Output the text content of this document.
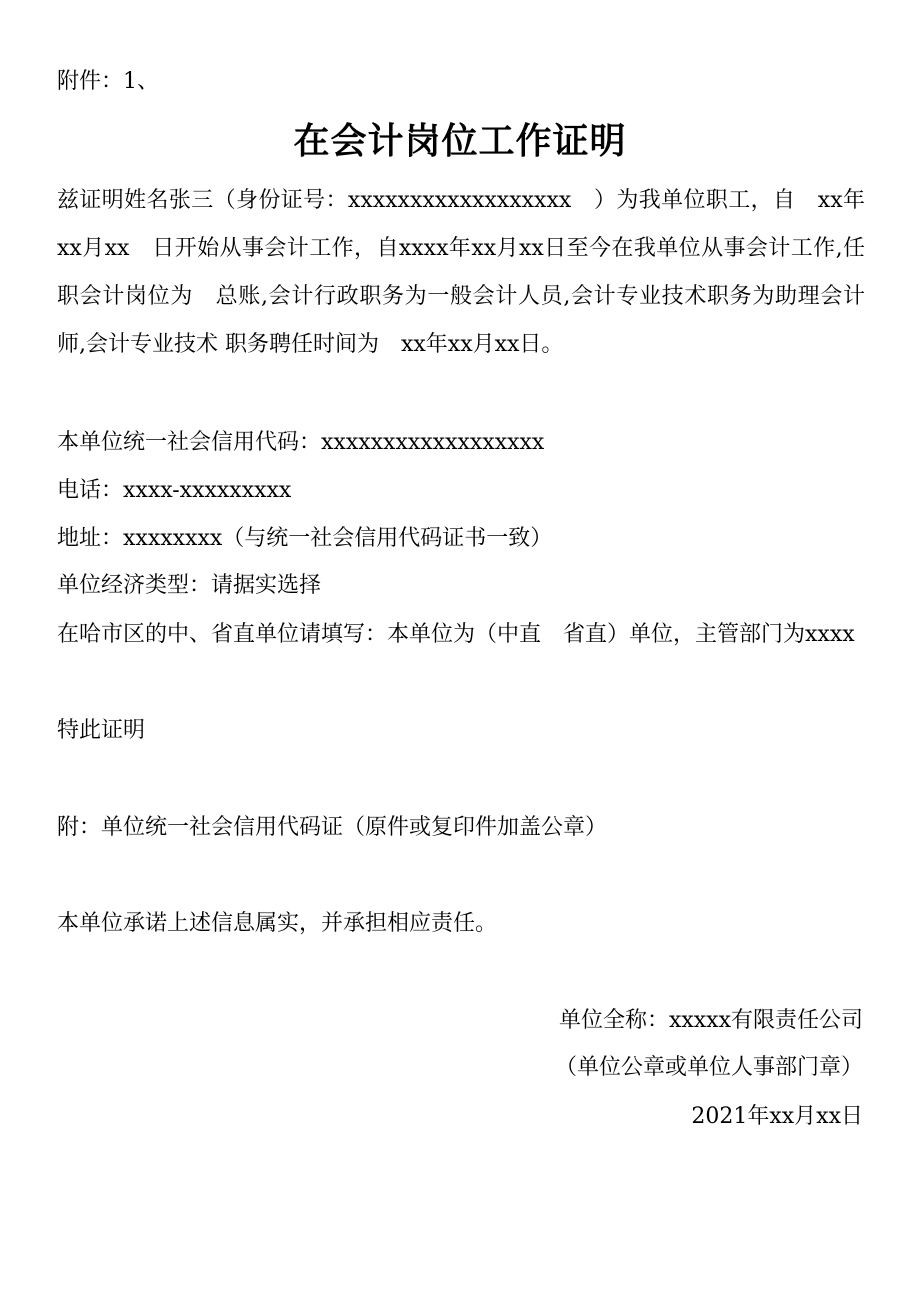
附件：1、
在会计岗位工作证明
兹证明姓名张三（身份证号：xxxxxxxxxxxxxxxxxx　）为我单位职工，自　xx年　xx月xx　日开始从事会计工作，自xxxx年xx月xx日至今在我单位从事会计工作,任职会计岗位为　总账,会计行政职务为一般会计人员,会计专业技术职务为助理会计师,会计专业技术 职务聘任时间为　xx年xx月xx日。
本单位统一社会信用代码：xxxxxxxxxxxxxxxxxx
电话：xxxx-xxxxxxxxx
地址：xxxxxxxx（与统一社会信用代码证书一致）
单位经济类型：请据实选择
在哈市区的中、省直单位请填写：本单位为（中直　省直）单位，主管部门为xxxx
特此证明
附：单位统一社会信用代码证（原件或复印件加盖公章）
本单位承诺上述信息属实，并承担相应责任。
单位全称：xxxxx有限责任公司
（单位公章或单位人事部门章）
2021年xx月xx日
